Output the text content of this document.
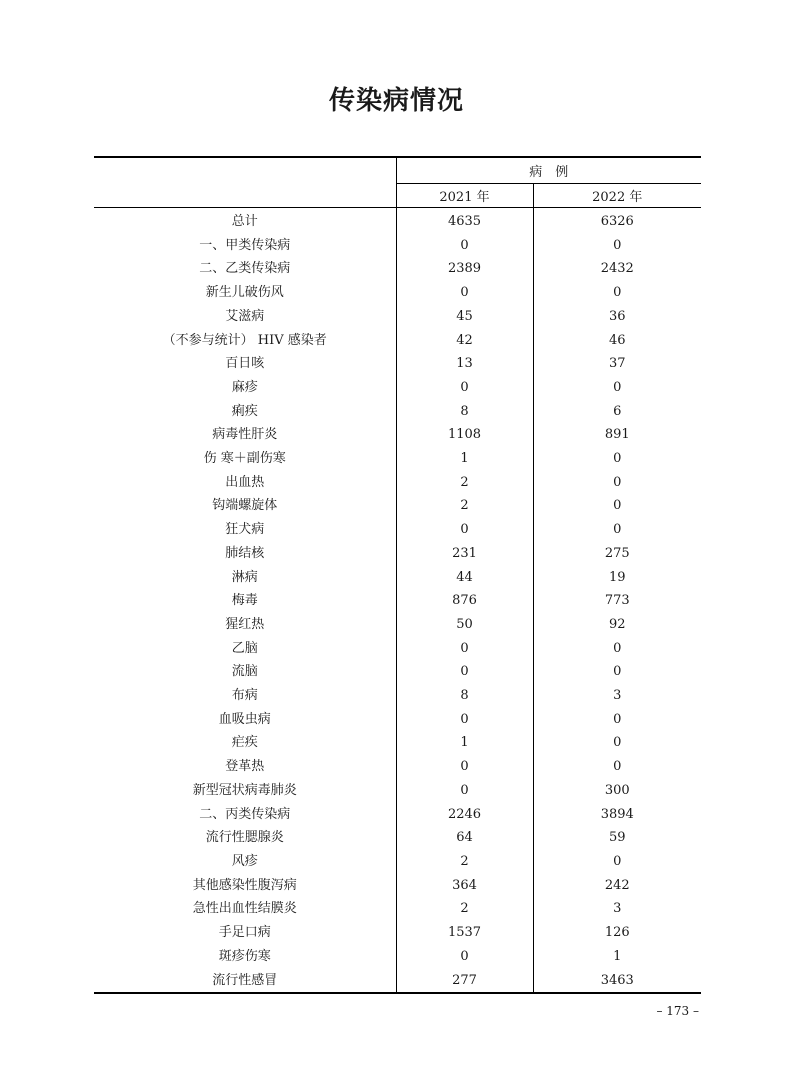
传染病情况
	病　例	
	2021 年	2022 年
总计	4635	6326
一、甲类传染病	0	0
二、乙类传染病	2389	2432
新生儿破伤风	0	0
艾滋病	45	36
（不参与统计） HIV 感染者	42	46
百日咳	13	37
麻疹	0	0
痢疾	8	6
病毒性肝炎	1108	891
伤 寒＋副伤寒	1	0
出血热	2	0
钩端螺旋体	2	0
狂犬病	0	0
肺结核	231	275
淋病	44	19
梅毒	876	773
猩红热	50	92
乙脑	0	0
流脑	0	0
布病	8	3
血吸虫病	0	0
疟疾	1	0
登革热	0	0
新型冠状病毒肺炎	0	300
二、丙类传染病	2246	3894
流行性腮腺炎	64	59
风疹	2	0
其他感染性腹泻病	364	242
急性出血性结膜炎	2	3
手足口病	1537	126
斑疹伤寒	0	1
流行性感冒	277	3463
– 173 –
